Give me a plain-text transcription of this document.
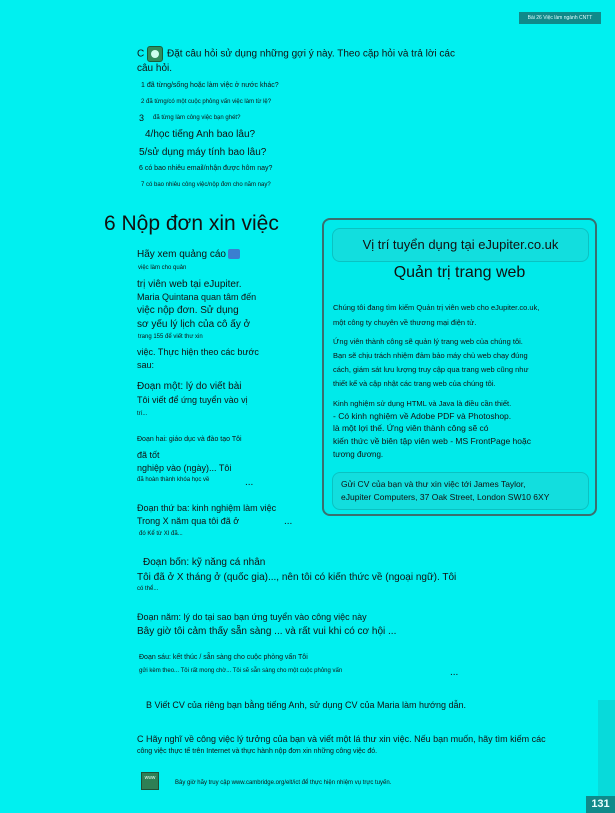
Bài 26 Việc làm ngành CNTT
C Đặt câu hỏi sử dụng những gợi ý này. Theo cặp hỏi và trả lời các
câu hỏi.
1 đã từng/sống hoặc làm việc ở nước khác?
2 đã từng/có một cuộc phỏng vấn việc làm từ lệ?
3 đã từng làm công việc bạn ghét?
4/học tiếng Anh bao lâu?
5/sử dụng máy tính bao lâu?
6 có bao nhiêu email/nhận được hôm nay?
7 có bao nhiêu công việc/nộp đơn cho năm nay?
6 Nộp đơn xin việc
Hãy xem quảng cáo
việc làm cho quản
trị viên web tại eJupiter.
Maria Quintana quan tâm đến
việc nộp đơn. Sử dụng
sơ yếu lý lịch của cô ấy ở
trang 155 để viết thư xin
việc. Thực hiện theo các bước
sau:
Đoạn một: lý do viết bài
Tôi viết để ứng tuyển vào vị
trí...
Đoạn hai: giáo dục và đào tạo Tôi
đã tốt
nghiệp vào (ngày)... Tôi
đã hoàn thành khóa học về	...
Đoạn thứ ba: kinh nghiệm làm việc
Trong X năm qua tôi đã ở	...
đó Kể từ XI đã...
Đoạn bốn: kỹ năng cá nhân
Tôi đã ở X tháng ở (quốc gia)..., nên tôi có kiến thức về (ngoại ngữ). Tôi
có thể...
Đoạn năm: lý do tại sao bạn ứng tuyển vào công việc này
Bây giờ tôi cảm thấy sẵn sàng ... và rất vui khi có cơ hội ...
Đoạn sáu: kết thúc / sẵn sàng cho cuộc phỏng vấn Tôi
gửi kèm theo... Tôi rất mong chờ... Tôi sẽ sẵn sàng cho một cuộc phỏng vấn	...
B Viết CV của riêng bạn bằng tiếng Anh, sử dụng CV của Maria làm hướng dẫn.
C Hãy nghĩ về công việc lý tưởng của bạn và viết một lá thư xin việc. Nếu bạn muốn, hãy tìm kiếm các
công việc thực tế trên Internet và thực hành nộp đơn xin những công việc đó.
www
Bây giờ hãy truy cập www.cambridge.org/elt/ict để thực hiện nhiệm vụ trực tuyến.
Vị trí tuyển dụng tại eJupiter.co.uk
Quản trị trang web
Chúng tôi đang tìm kiếm Quản trị viên web cho eJupiter.co.uk,
một công ty chuyên về thương mại điện tử.
Ứng viên thành công sẽ quản lý trang web của chúng tôi.
Bạn sẽ chịu trách nhiệm đảm bảo máy chủ web chạy đúng
cách, giám sát lưu lượng truy cập qua trang web cũng như
thiết kế và cập nhật các trang web của chúng tôi.
Kinh nghiệm sử dụng HTML và Java là điều cần thiết.
- Có kinh nghiệm về Adobe PDF và Photoshop.
là một lợi thế. Ứng viên thành công sẽ có
kiến thức về biên tập viên web - MS FrontPage hoặc
tương đương.
Gửi CV của bạn và thư xin việc tới James Taylor,
eJupiter Computers, 37 Oak Street, London SW10 6XY
131
